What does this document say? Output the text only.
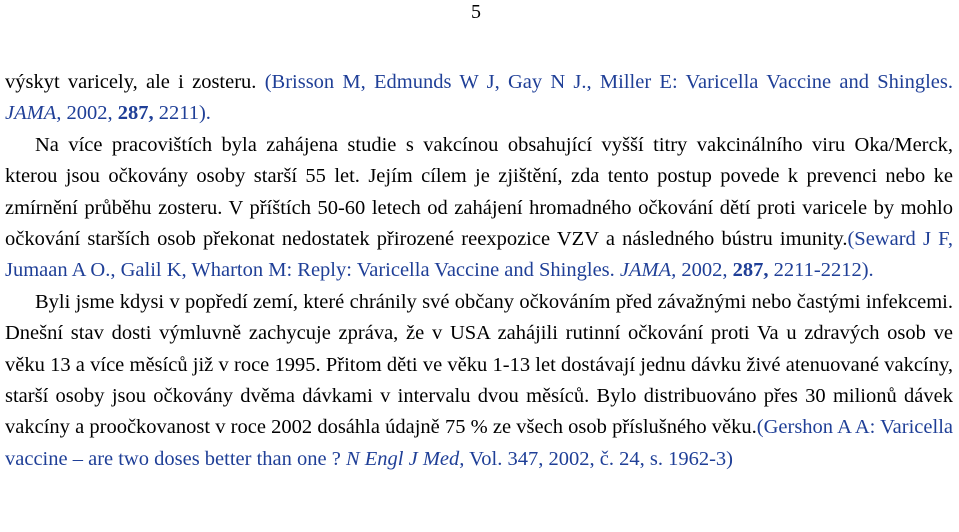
5

výskyt varicely, ale i zosteru. (Brisson M, Edmunds W J, Gay N J., Miller E: Varicella Vaccine and Shingles. JAMA, 2002, 287, 2211).

Na více pracovištích byla zahájena studie s vakcínou obsahující vyšší titry vakcinálního viru Oka/Merck, kterou jsou očkovány osoby starší 55 let. Jejím cílem je zjištění, zda tento postup povede k prevenci nebo ke zmírnění průběhu zosteru. V příštích 50-60 letech od zahájení hromadného očkování dětí proti varicele by mohlo očkování starších osob překonat nedostatek přirozené reexpozice VZV a následného bústru imunity.(Seward J F, Jumaan A O., Galil K, Wharton M: Reply: Varicella Vaccine and Shingles. JAMA, 2002, 287, 2211-2212).

Byli jsme kdysi v popředí zemí, které chránily své občany očkováním před závažnými nebo častými infekcemi. Dnešní stav dosti výmluvně zachycuje zpráva, že v USA zahájili rutinní očkování proti Va u zdravých osob ve věku 13 a více měsíců již v roce 1995. Přitom děti ve věku 1-13 let dostávají jednu dávku živé atenuované vakcíny, starší osoby jsou očkovány dvěma dávkami v intervalu dvou měsíců. Bylo distribuováno přes 30 milionů dávek vakcíny a proočkovanost v roce 2002 dosáhla údajně 75 % ze všech osob příslušného věku.(Gershon A A: Varicella vaccine – are two doses better than one ? N Engl J Med, Vol. 347, 2002, č. 24, s. 1962-3)
